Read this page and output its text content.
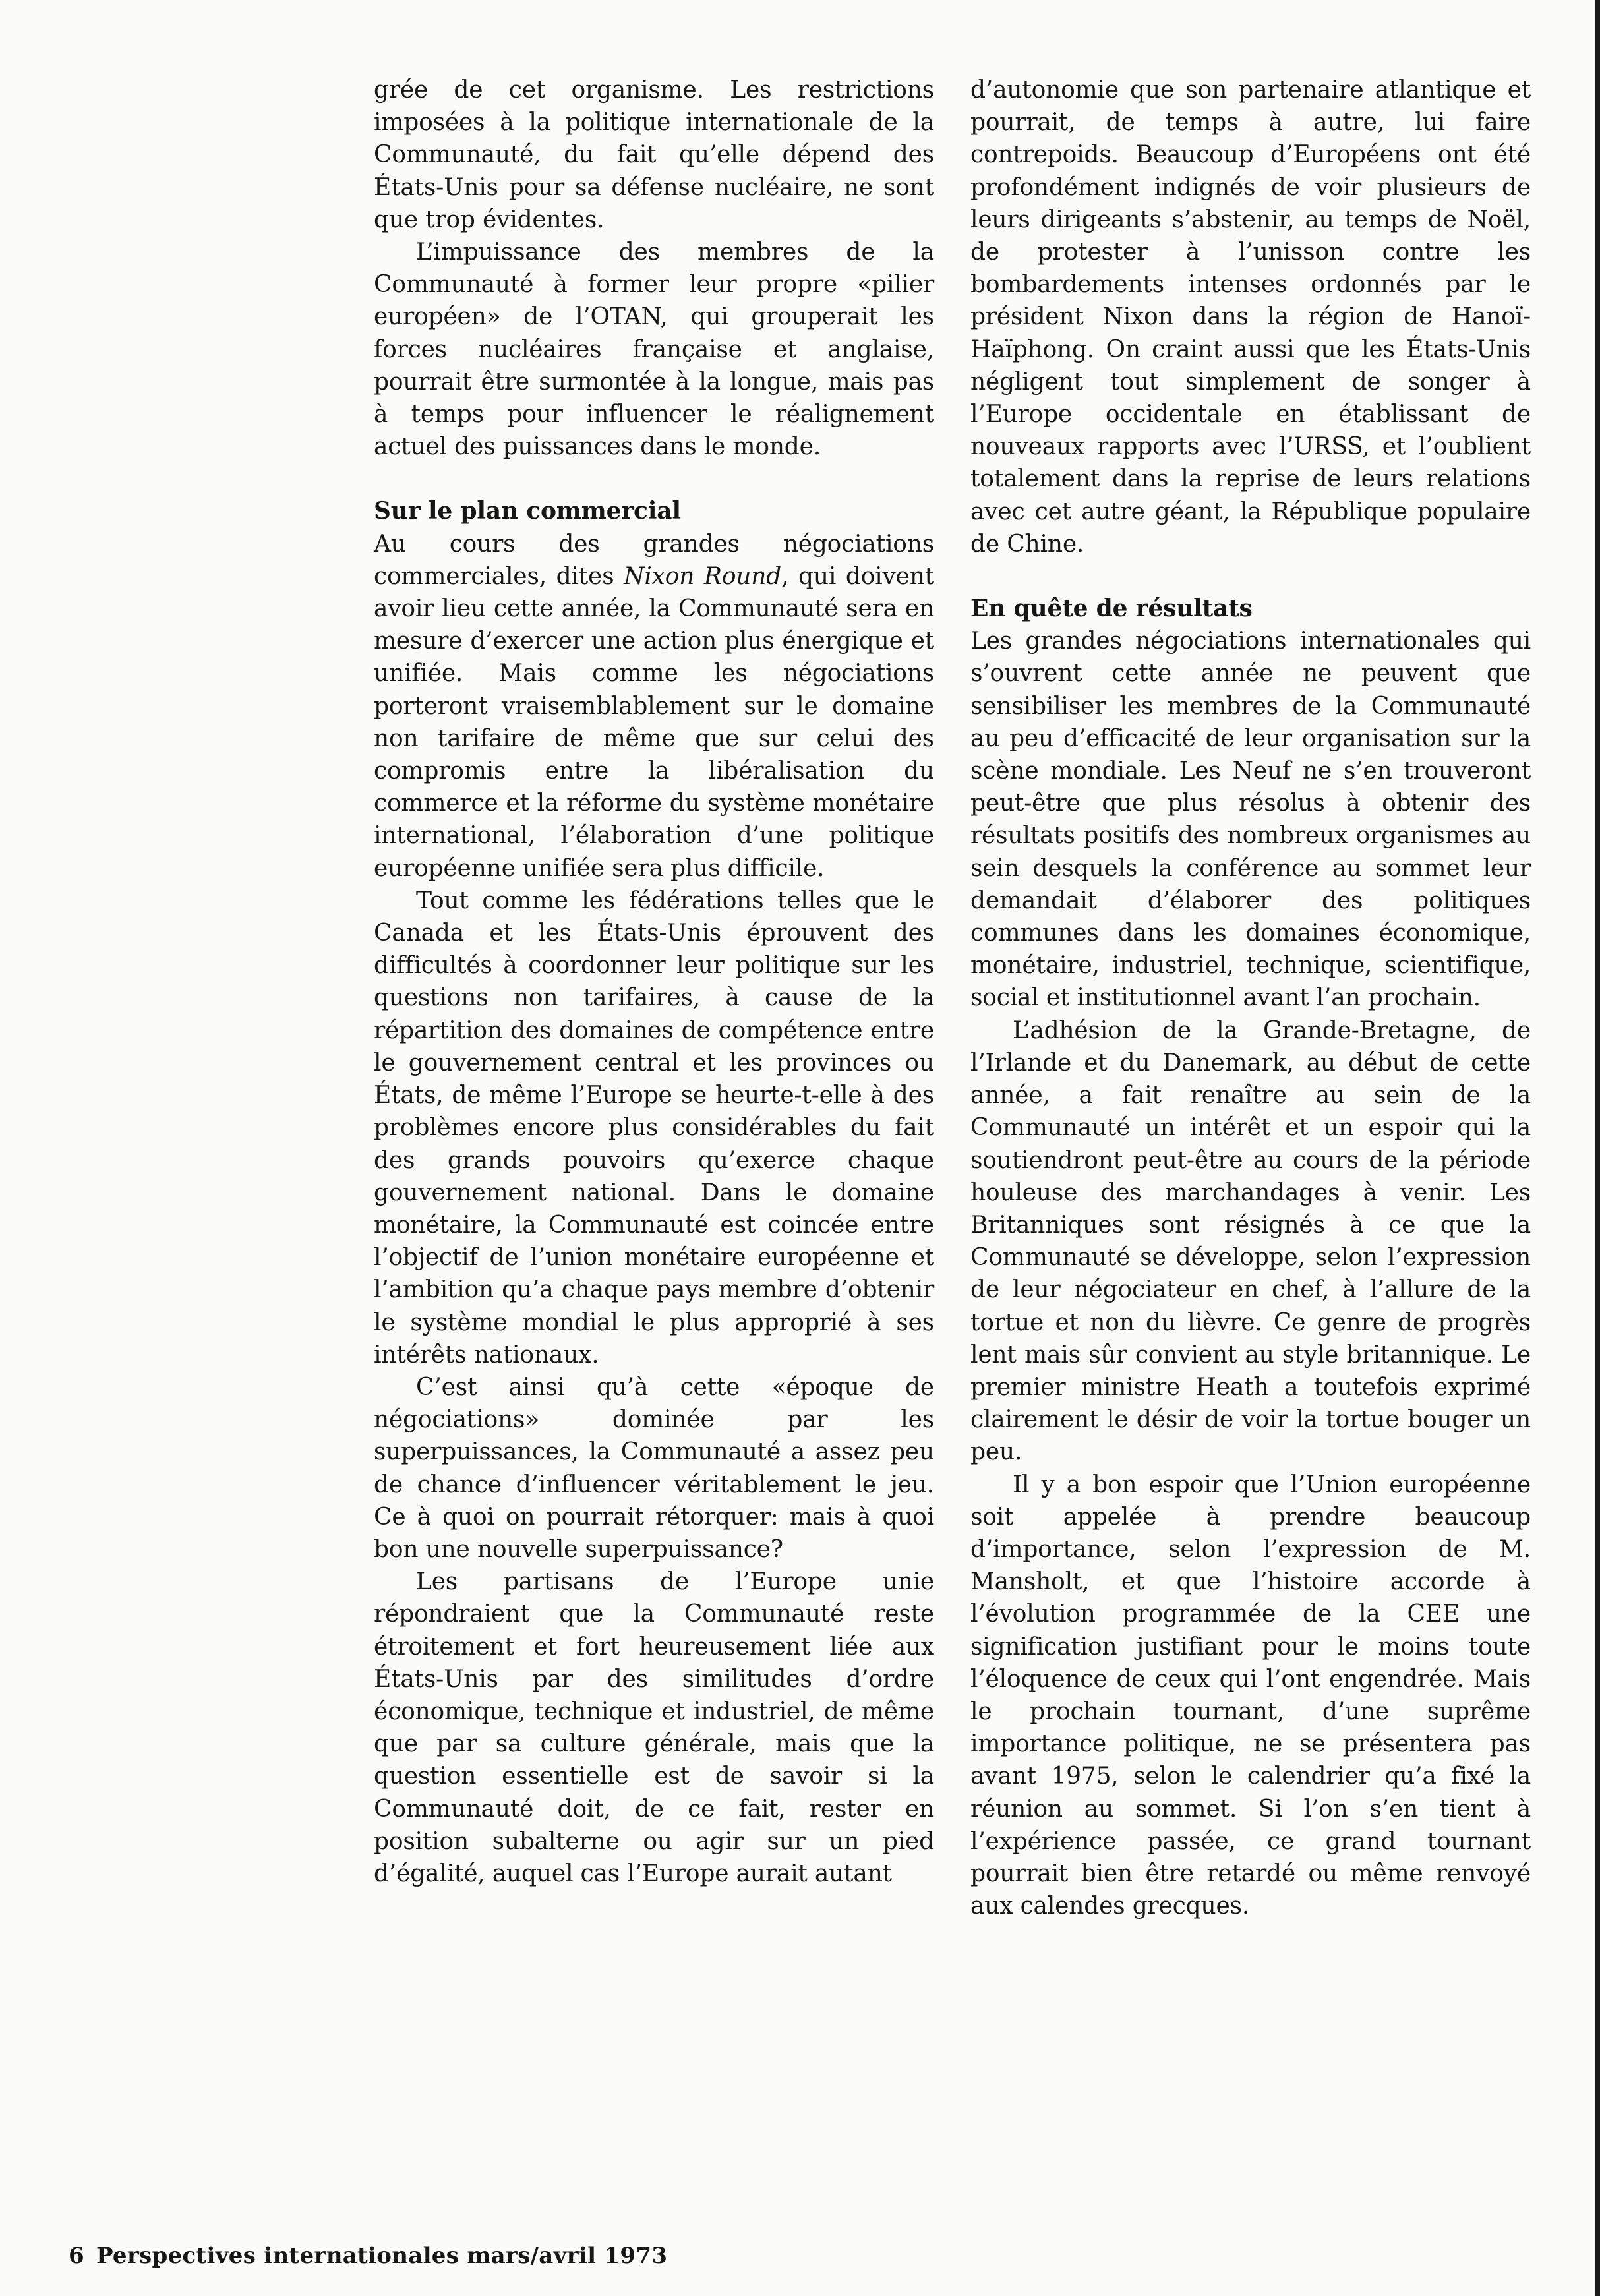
grée de cet organisme. Les restrictions imposées à la politique internationale de la Communauté, du fait qu’elle dépend des États-Unis pour sa défense nucléaire, ne sont que trop évidentes.

L’impuissance des membres de la Communauté à former leur propre «pilier européen» de l’OTAN, qui grouperait les forces nucléaires française et anglaise, pourrait être surmontée à la longue, mais pas à temps pour influencer le réalignement actuel des puissances dans le monde.

Sur le plan commercial

Au cours des grandes négociations commerciales, dites Nixon Round, qui doivent avoir lieu cette année, la Communauté sera en mesure d’exercer une action plus énergique et unifiée. Mais comme les négociations porteront vraisemblablement sur le domaine non tarifaire de même que sur celui des compromis entre la libéralisation du commerce et la réforme du système monétaire international, l’élaboration d’une politique européenne unifiée sera plus difficile.

Tout comme les fédérations telles que le Canada et les États-Unis éprouvent des difficultés à coordonner leur politique sur les questions non tarifaires, à cause de la répartition des domaines de compétence entre le gouvernement central et les provinces ou États, de même l’Europe se heurte-t-elle à des problèmes encore plus considérables du fait des grands pouvoirs qu’exerce chaque gouvernement national. Dans le domaine monétaire, la Communauté est coincée entre l’objectif de l’union monétaire européenne et l’ambition qu’a chaque pays membre d’obtenir le système mondial le plus approprié à ses intérêts nationaux.

C’est ainsi qu’à cette «époque de négociations» dominée par les superpuissances, la Communauté a assez peu de chance d’influencer véritablement le jeu. Ce à quoi on pourrait rétorquer: mais à quoi bon une nouvelle superpuissance?

Les partisans de l’Europe unie répondraient que la Communauté reste étroitement et fort heureusement liée aux États-Unis par des similitudes d’ordre économique, technique et industriel, de même que par sa culture générale, mais que la question essentielle est de savoir si la Communauté doit, de ce fait, rester en position subalterne ou agir sur un pied d’égalité, auquel cas l’Europe aurait autant

d’autonomie que son partenaire atlantique et pourrait, de temps à autre, lui faire contrepoids. Beaucoup d’Européens ont été profondément indignés de voir plusieurs de leurs dirigeants s’abstenir, au temps de Noël, de protester à l’unisson contre les bombardements intenses ordonnés par le président Nixon dans la région de Hanoï-Haïphong. On craint aussi que les États-Unis négligent tout simplement de songer à l’Europe occidentale en établissant de nouveaux rapports avec l’URSS, et l’oublient totalement dans la reprise de leurs relations avec cet autre géant, la République populaire de Chine.

En quête de résultats

Les grandes négociations internationales qui s’ouvrent cette année ne peuvent que sensibiliser les membres de la Communauté au peu d’efficacité de leur organisation sur la scène mondiale. Les Neuf ne s’en trouveront peut-être que plus résolus à obtenir des résultats positifs des nombreux organismes au sein desquels la conférence au sommet leur demandait d’élaborer des politiques communes dans les domaines économique, monétaire, industriel, technique, scientifique, social et institutionnel avant l’an prochain.

L’adhésion de la Grande-Bretagne, de l’Irlande et du Danemark, au début de cette année, a fait renaître au sein de la Communauté un intérêt et un espoir qui la soutiendront peut-être au cours de la période houleuse des marchandages à venir. Les Britanniques sont résignés à ce que la Communauté se développe, selon l’expression de leur négociateur en chef, à l’allure de la tortue et non du lièvre. Ce genre de progrès lent mais sûr convient au style britannique. Le premier ministre Heath a toutefois exprimé clairement le désir de voir la tortue bouger un peu.

Il y a bon espoir que l’Union européenne soit appelée à prendre beaucoup d’importance, selon l’expression de M. Mansholt, et que l’histoire accorde à l’évolution programmée de la CEE une signification justifiant pour le moins toute l’éloquence de ceux qui l’ont engendrée. Mais le prochain tournant, d’une suprême importance politique, ne se présentera pas avant 1975, selon le calendrier qu’a fixé la réunion au sommet. Si l’on s’en tient à l’expérience passée, ce grand tournant pourrait bien être retardé ou même renvoyé aux calendes grecques.

6 Perspectives internationales mars/avril 1973
